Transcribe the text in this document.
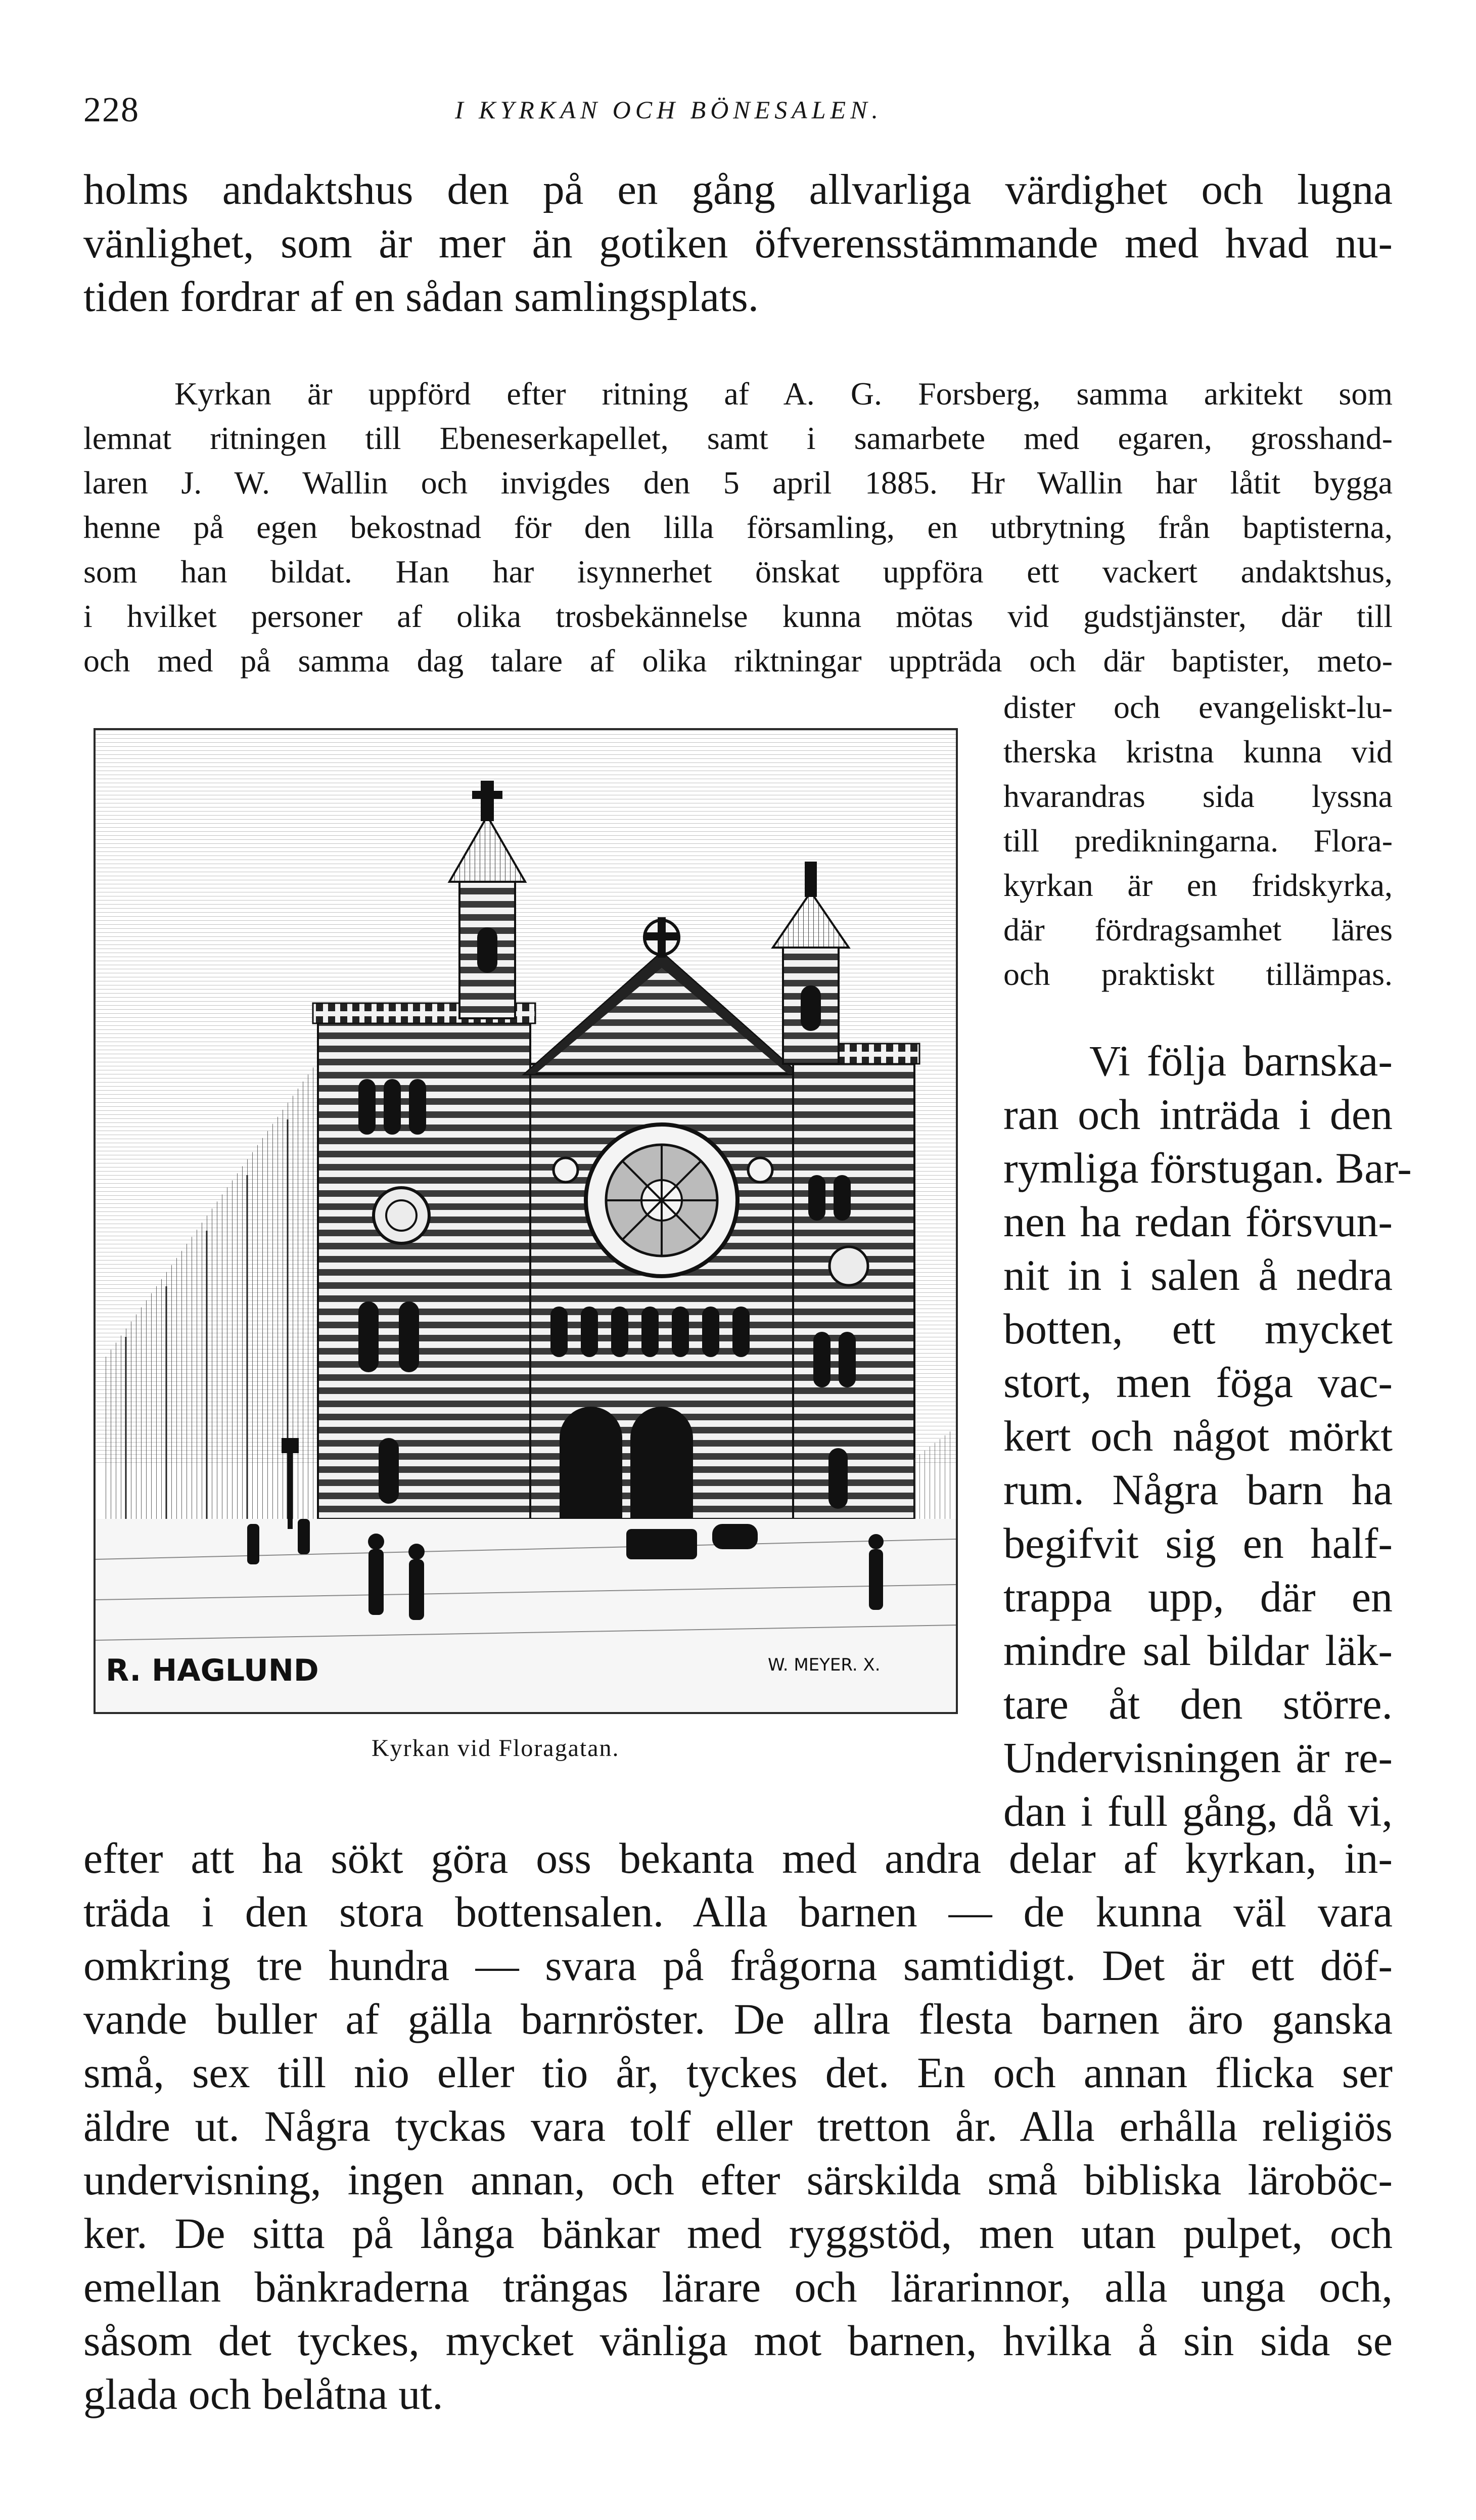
228	I KYRKAN OCH BÖNESALEN.
holms andaktshus den på en gång allvarliga värdighet och lugna
vänlighet, som är mer än gotiken öfverensstämmande med hvad nu-
tiden fordrar af en sådan samlingsplats.
Kyrkan är uppförd efter ritning af A. G. Forsberg, samma arkitekt som
lemnat ritningen till Ebeneserkapellet, samt i samarbete med egaren, grosshand-
laren J. W. Wallin och invigdes den 5 april 1885. Hr Wallin har låtit bygga
henne på egen bekostnad för den lilla församling, en utbrytning från baptisterna,
som han bildat. Han har isynnerhet önskat uppföra ett vackert andaktshus,
i hvilket personer af olika trosbekännelse kunna mötas vid gudstjänster, där till
och med på samma dag talare af olika riktningar uppträda och där baptister, meto-
dister och evangeliskt-lu-
therska kristna kunna vid
hvarandras sida lyssna
till predikningarna. Flora-
kyrkan är en fridskyrka,
där fördragsamhet läres
och praktiskt tillämpas.
Vi följa barnska-
ran och inträda i den
rymliga förstugan. Bar-
nen ha redan försvun-
nit in i salen å nedra
botten, ett mycket
stort, men föga vac-
kert och något mörkt
rum. Några barn ha
begifvit sig en half-
trappa upp, där en
mindre sal bildar läk-
tare åt den större.
Undervisningen är re-
dan i full gång, då vi,
efter att ha sökt göra oss bekanta med andra delar af kyrkan, in-
träda i den stora bottensalen. Alla barnen — de kunna väl vara
omkring tre hundra — svara på frågorna samtidigt. Det är ett döf-
vande buller af gälla barnröster. De allra flesta barnen äro ganska
små, sex till nio eller tio år, tyckes det. En och annan flicka ser
äldre ut. Några tyckas vara tolf eller tretton år. Alla erhålla religiös
undervisning, ingen annan, och efter särskilda små bibliska läroböc-
ker. De sitta på långa bänkar med ryggstöd, men utan pulpet, och
emellan bänkraderna trängas lärare och lärarinnor, alla unga och,
såsom det tyckes, mycket vänliga mot barnen, hvilka å sin sida se
glada och belåtna ut.
R. HAGLUND	W. MEYER. X.
Kyrkan vid Floragatan.
